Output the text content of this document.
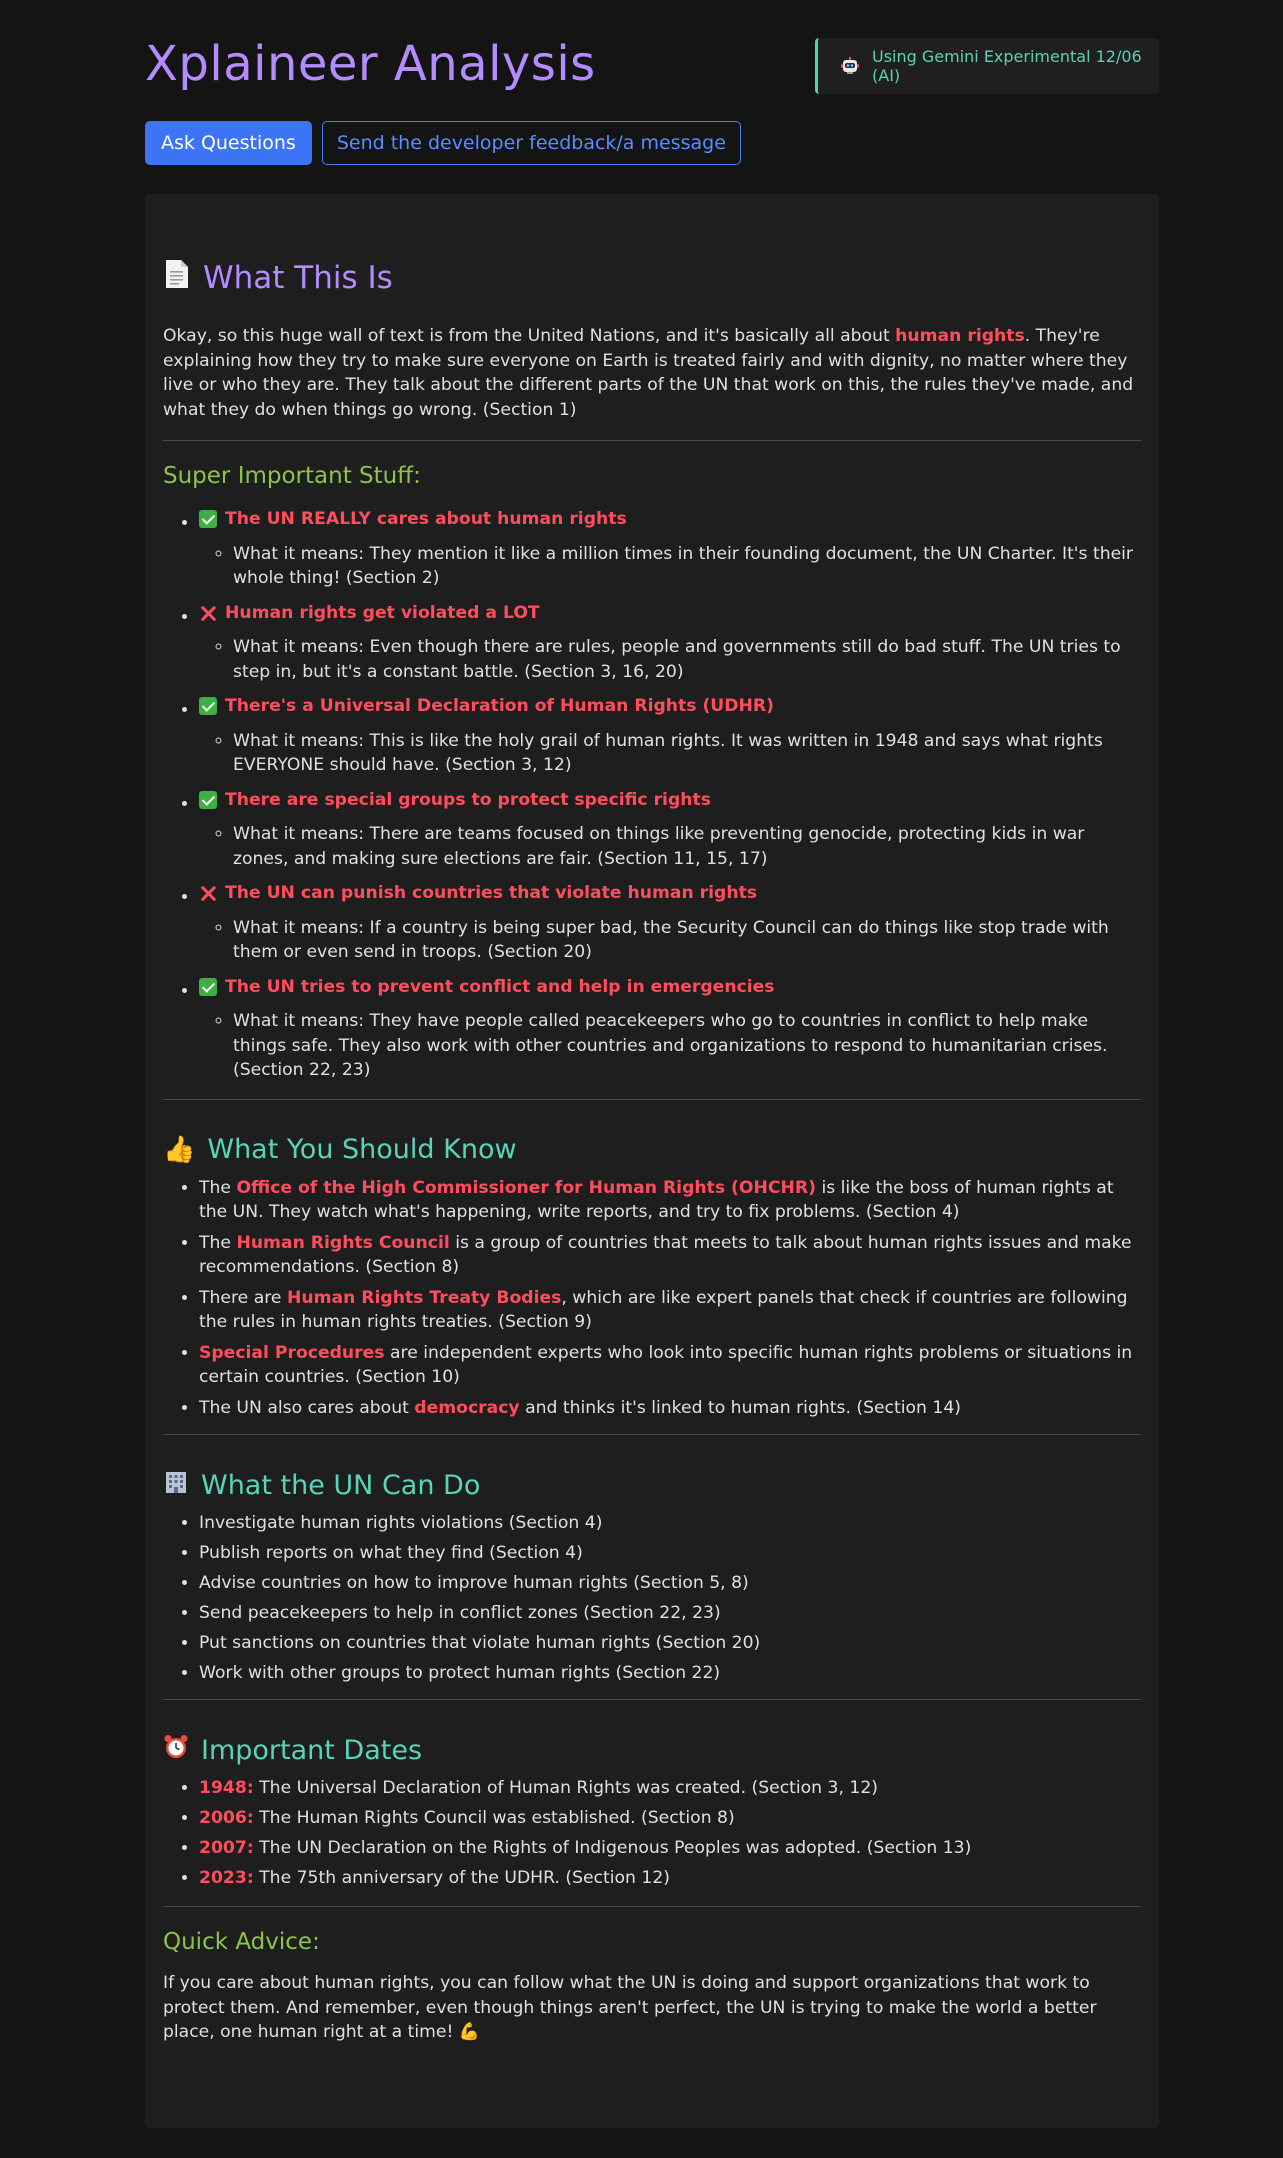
Xplaineer Analysis	Using Gemini Experimental 12/06 (AI)
Ask Questions	Send the developer feedback/a message
What This Is

Okay, so this huge wall of text is from the United Nations, and it's basically all about human rights. They're explaining how they try to make sure everyone on Earth is treated fairly and with dignity, no matter where they live or who they are. They talk about the different parts of the UN that work on this, the rules they've made, and what they do when things go wrong. (Section 1)

Super Important Stuff:
• The UN REALLY cares about human rights
◦ What it means: They mention it like a million times in their founding document, the UN Charter. It's their whole thing! (Section 2)
• Human rights get violated a LOT
◦ What it means: Even though there are rules, people and governments still do bad stuff. The UN tries to step in, but it's a constant battle. (Section 3, 16, 20)
• There's a Universal Declaration of Human Rights (UDHR)
◦ What it means: This is like the holy grail of human rights. It was written in 1948 and says what rights EVERYONE should have. (Section 3, 12)
• There are special groups to protect specific rights
◦ What it means: There are teams focused on things like preventing genocide, protecting kids in war zones, and making sure elections are fair. (Section 11, 15, 17)
• The UN can punish countries that violate human rights
◦ What it means: If a country is being super bad, the Security Council can do things like stop trade with them or even send in troops. (Section 20)
• The UN tries to prevent conflict and help in emergencies
◦ What it means: They have people called peacekeepers who go to countries in conflict to help make things safe. They also work with other countries and organizations to respond to humanitarian crises. (Section 22, 23)
👍 What You Should Know
• The Office of the High Commissioner for Human Rights (OHCHR) is like the boss of human rights at the UN. They watch what's happening, write reports, and try to fix problems. (Section 4)
• The Human Rights Council is a group of countries that meets to talk about human rights issues and make recommendations. (Section 8)
• There are Human Rights Treaty Bodies, which are like expert panels that check if countries are following the rules in human rights treaties. (Section 9)
• Special Procedures are independent experts who look into specific human rights problems or situations in certain countries. (Section 10)
• The UN also cares about democracy and thinks it's linked to human rights. (Section 14)
What the UN Can Do
• Investigate human rights violations (Section 4)
• Publish reports on what they find (Section 4)
• Advise countries on how to improve human rights (Section 5, 8)
• Send peacekeepers to help in conflict zones (Section 22, 23)
• Put sanctions on countries that violate human rights (Section 20)
• Work with other groups to protect human rights (Section 22)
Important Dates
• 1948: The Universal Declaration of Human Rights was created. (Section 3, 12)
• 2006: The Human Rights Council was established. (Section 8)
• 2007: The UN Declaration on the Rights of Indigenous Peoples was adopted. (Section 13)
• 2023: The 75th anniversary of the UDHR. (Section 12)
Quick Advice:

If you care about human rights, you can follow what the UN is doing and support organizations that work to protect them. And remember, even though things aren't perfect, the UN is trying to make the world a better place, one human right at a time! 💪
